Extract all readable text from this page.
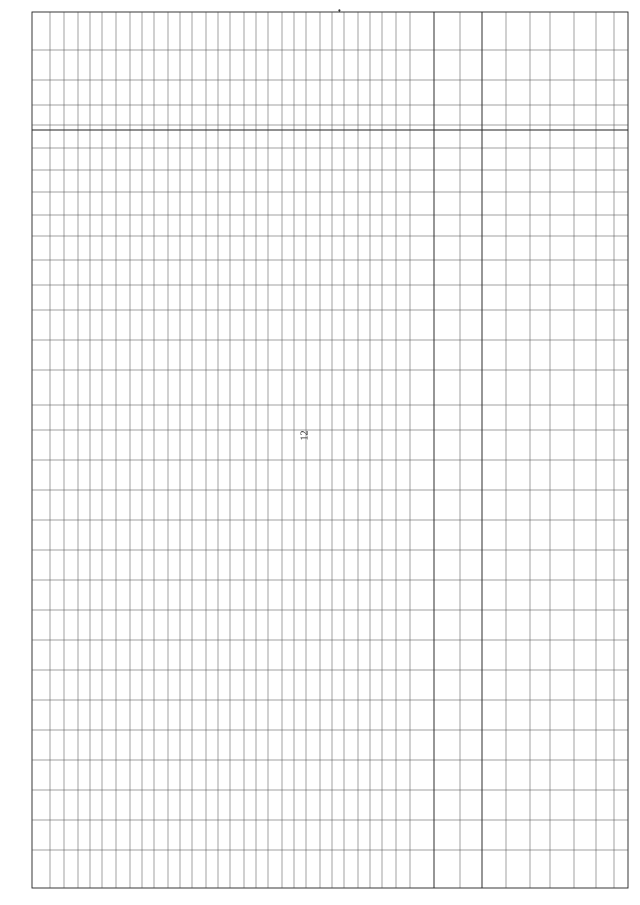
•
12
